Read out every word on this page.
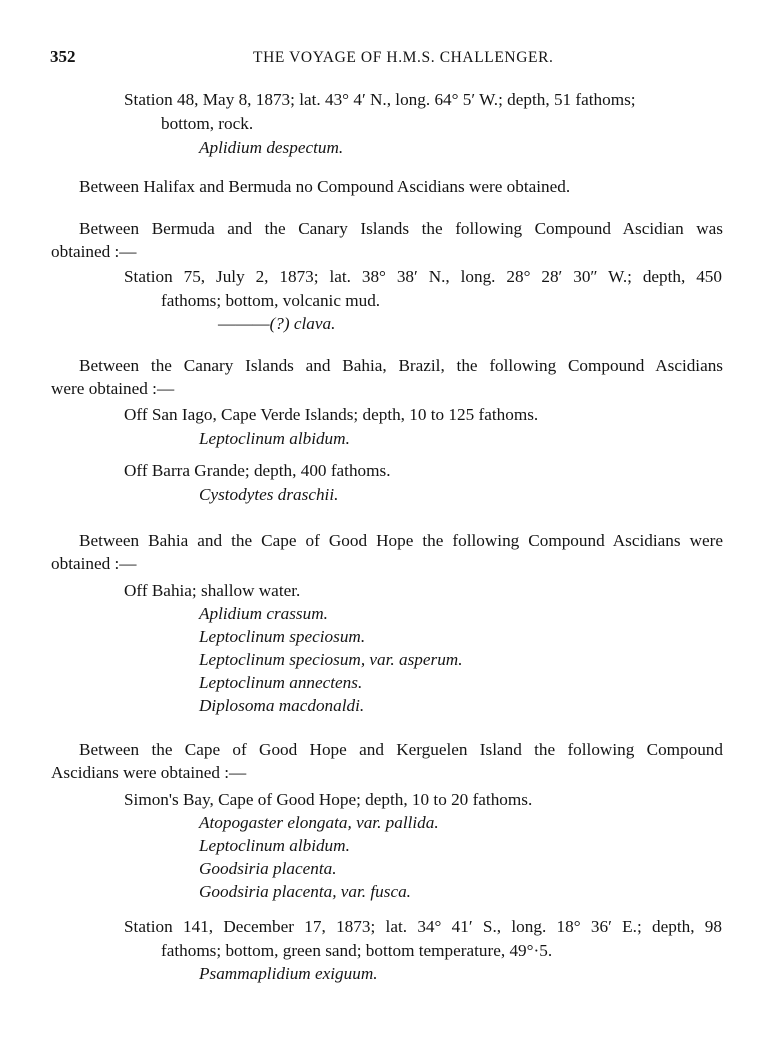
352	THE VOYAGE OF H.M.S. CHALLENGER.
Station 48, May 8, 1873; lat. 43° 4′ N., long. 64° 5′ W.; depth, 51 fathoms;
bottom, rock.
Aplidium despectum.
Between Halifax and Bermuda no Compound Ascidians were obtained.
Between Bermuda and the Canary Islands the following Compound Ascidian was
obtained :—
Station 75, July 2, 1873; lat. 38° 38′ N., long. 28° 28′ 30″ W.; depth, 450
fathoms; bottom, volcanic mud.
———(?) clava.
Between the Canary Islands and Bahia, Brazil, the following Compound Ascidians
were obtained :—
Off San Iago, Cape Verde Islands; depth, 10 to 125 fathoms.
Leptoclinum albidum.
Off Barra Grande; depth, 400 fathoms.
Cystodytes draschii.
Between Bahia and the Cape of Good Hope the following Compound Ascidians were
obtained :—
Off Bahia; shallow water.
Aplidium crassum.
Leptoclinum speciosum.
Leptoclinum speciosum, var. asperum.
Leptoclinum annectens.
Diplosoma macdonaldi.
Between the Cape of Good Hope and Kerguelen Island the following Compound
Ascidians were obtained :—
Simon's Bay, Cape of Good Hope; depth, 10 to 20 fathoms.
Atopogaster elongata, var. pallida.
Leptoclinum albidum.
Goodsiria placenta.
Goodsiria placenta, var. fusca.
Station 141, December 17, 1873; lat. 34° 41′ S., long. 18° 36′ E.; depth, 98
fathoms; bottom, green sand; bottom temperature, 49°·5.
Psammaplidium exiguum.
